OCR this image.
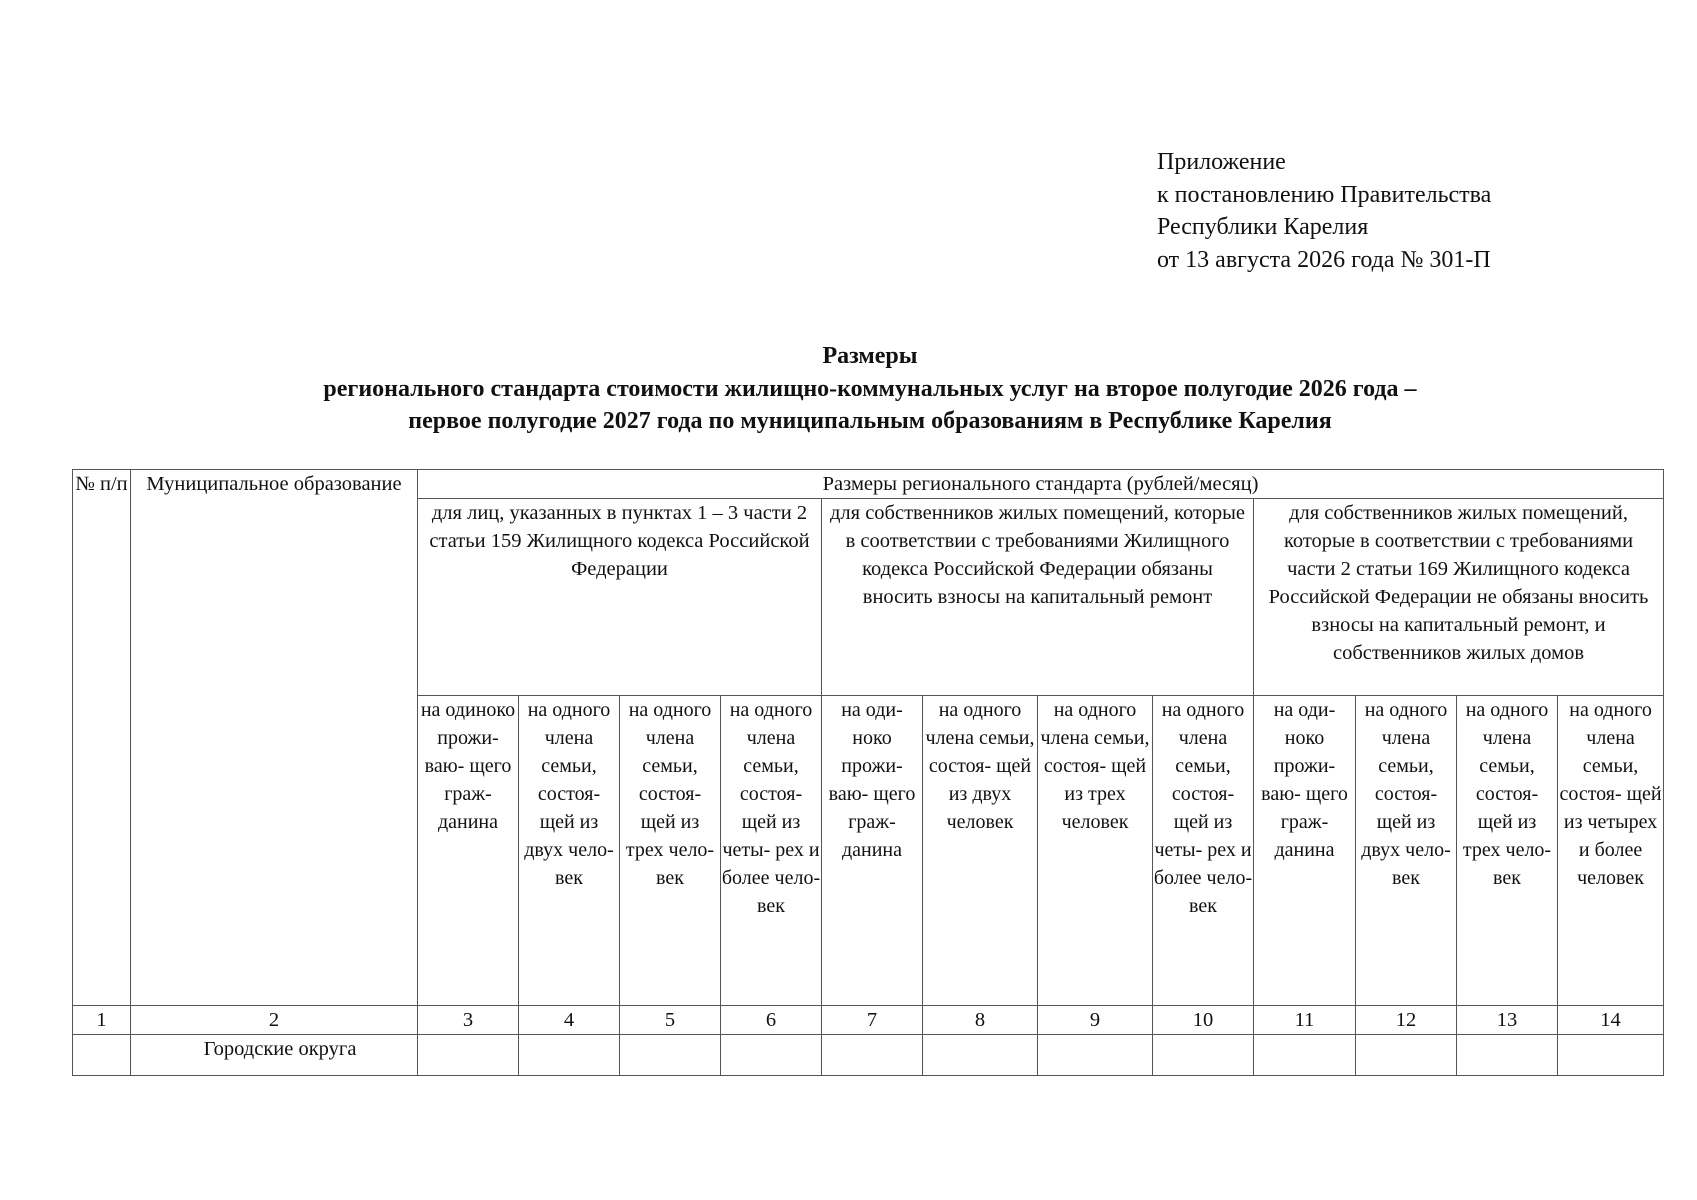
Приложение
к постановлению Правительства
Республики Карелия
от 13 августа 2026 года № 301-П
Размеры
регионального стандарта стоимости жилищно-коммунальных услуг на второе полугодие 2026 года –
первое полугодие 2027 года по муниципальным образованиям в Республике Карелия
№ п/п	Муниципальное образование	Размеры регионального стандарта (рублей/месяц)											
		для лиц, указанных в пунктах 1 – 3 части 2 статьи 159 Жилищного кодекса Российской Федерации				для собственников жилых помещений, которые в соответствии с требованиями Жилищного кодекса Российской Федерации обязаны вносить взносы на капитальный ремонт				для собственников жилых помещений, которые в соответствии с требованиями части 2 статьи 169 Жилищного кодекса Российской Федерации не обязаны вносить взносы на капитальный ремонт, и собственников жилых домов			
		на одиноко прожи-ваю- щего граж- данина	на одного члена семьи, состоя- щей из двух чело- век	на одного члена семьи, состоя- щей из трех чело- век	на одного члена семьи, состоя- щей из четы- рех и более чело- век	на оди- ноко прожи- ваю- щего граж- данина	на одного члена семьи, состоя- щей из двух человек	на одного члена семьи, состоя- щей из трех человек	на одного члена семьи, состоя- щей из четы- рех и более чело- век	на оди- ноко прожи- ваю- щего граж- данина	на одного члена семьи, состоя- щей из двух чело- век	на одного члена семьи, состоя- щей из трех чело- век	на одного члена семьи, состоя- щей из четырех и более человек
1	2	3	4	5	6	7	8	9	10	11	12	13	14
	Городские округа												
